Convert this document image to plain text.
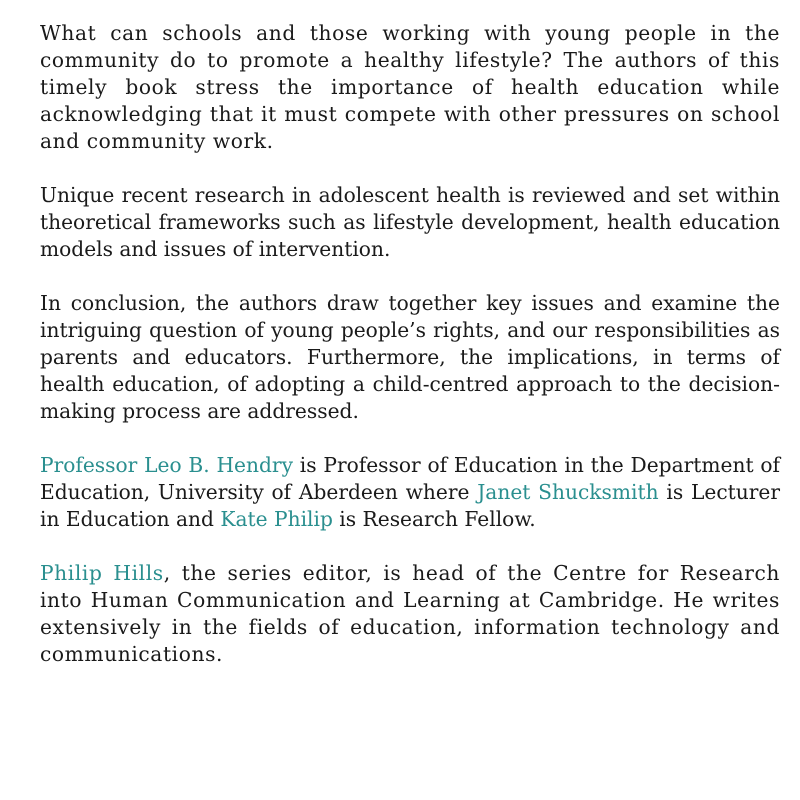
What can schools and those working with young people in the community do to promote a healthy lifestyle? The authors of this timely book stress the importance of health education while acknowledging that it must compete with other pressures on school and community work.

Unique recent research in adolescent health is reviewed and set within theoretical frameworks such as lifestyle development, health education models and issues of intervention.

In conclusion, the authors draw together key issues and examine the intriguing question of young people’s rights, and our responsibilities as parents and educators. Furthermore, the implications, in terms of health education, of adopting a child-centred approach to the decision-making process are addressed.

Professor Leo B. Hendry is Professor of Education in the Department of Education, University of Aberdeen where Janet Shucksmith is Lecturer in Education and Kate Philip is Research Fellow.

Philip Hills, the series editor, is head of the Centre for Research into Human Communication and Learning at Cambridge. He writes extensively in the fields of education, information technology and communications.
